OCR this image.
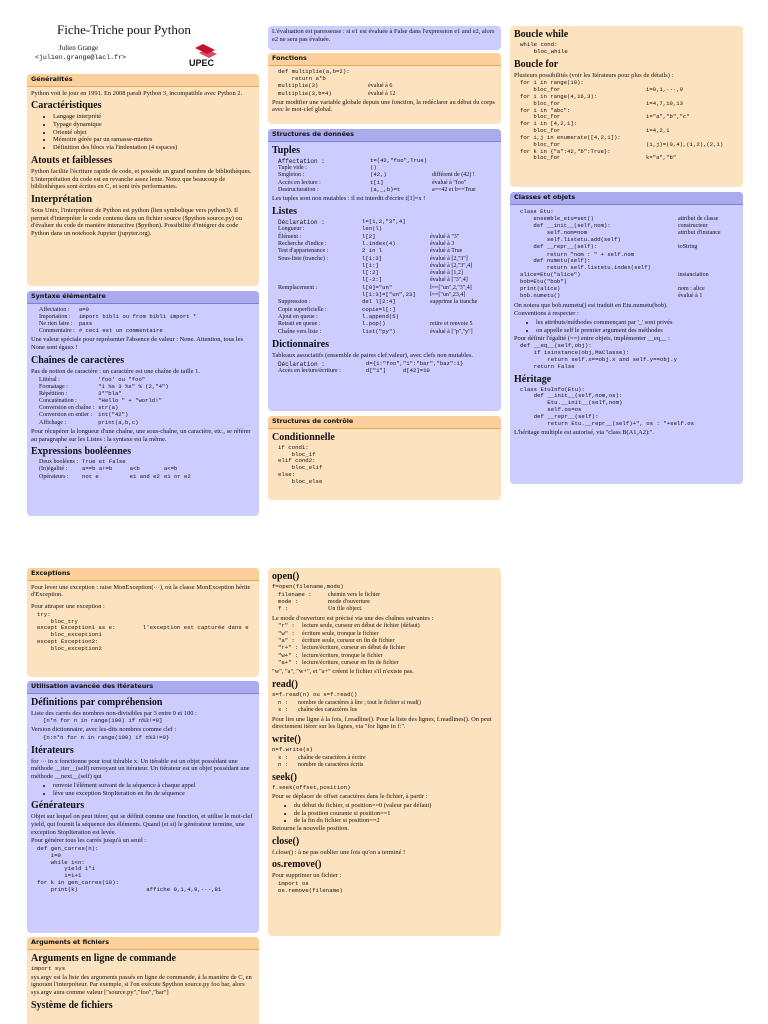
Fiche-Triche pour Python
Julien Grange
<julien.grange@lacl.fr>
UPEC
Généralités

Python voit le jour en 1991. En 2008 paraît Python 3, incompatible avec Python 2.

Caractéristiques
• Langage interprété
• Typage dynamique
• Orienté objet
• Mémoire gérée par un ramasse-miettes
• Définition des blocs via l'indentation (4 espaces)
Atouts et faiblesses

Python facilite l'écriture rapide de code, et possède un grand nombre de bibliothèques. L'interprétation du code est en revanche assez lente. Notez que beaucoup de bibliothèques sont écrites en C, et sont très performantes.

Interprétation

Sous Unix, l'interpréteur de Python est python (lien symbolique vers python3). Il permet d'interpréter le code contenu dans un fichier source ($python source.py) ou d'évaluer du code de manière interactive ($python). Possibilité d'intégrer du code Python dans un notebook Jupyter (jupyter.org).

Syntaxe élémentaire
Affectation :	a=0
Importation :	import bibli ou from bibli import *
Ne rien faire :	pass
Commentaire :	# ceci est un commentaire

Une valeur spéciale pour représenter l'absence de valeur : None. Attention, tous les None sont égaux !

Chaînes de caractères

Pas de notion de caractère : un caractère est une chaîne de taille 1.

Littéral :	'foo' ou "foo"
Formatage :	"1 %s 3 %s" % (2,"4")
Répétition :	3*"bla"
Concaténation :	"Hello " + "world!"
Conversion en chaîne :	str(a)
Conversion en entier :	int("42")
Affichage :	print(a,b,c)

Pour récupérer la longueur d'une chaîne, une sous-chaîne, un caractère, etc., se référer au paragraphe sur les Listes : la syntaxe est la même.

Expressions booléennes
Deux booléens :	True et False		
(In)égalité :	a==b a!=b	a<b	a<=b
Opérateurs :	not e	e1 and e2	e1 or e2

L'évaluation est paresseuse : si e1 est évaluée à False dans l'expression e1 and e2, alors e2 ne sera pas évaluée.

Fonctions
def multiplie(a,b=2):
return a*b
multiplie(3)	évalué à 6
multiplie(3,b=4)	évalué à 12

Pour modifier une variable globale depuis une fonction, la redéclarer au début du corps avec le mot-clef global.

Structures de données
Tuples
Affectation :	t=(42,"foo",True)
Tuple vide :	()
Singleton :	(42,)	différent de (42) !
Accès en lecture :	t[1]	évalué à "foo"
Destructuration :	(a,_,b)=t	a==42 et b==True

Les tuples sont non mutables : il est interdit d'écrire t[1]=x !

Listes
Déclaration :	l=[1,2,"3",4]
Longueur :	len(l)
Élément :	l[2]	évalué à "3"
Recherche d'indice :	l.index(4)	évalué à 3
Test d'appartenance :	2 in l	évalué à True
Sous-liste (tranche) :	l[1:3]	évalué à [2,"3"]
l[1:]	évalué à [2,"3",4]
l[:2]	évalué à [1,2]
l[-2:]	évalué à ["3",4]
Remplacement :	l[0]="un"	l==["un",2,"3",4]
l[1:3]=["un",23]	l==["un",23,4]
Suppression :	del l[2:4]	supprime la tranche
Copie superficielle :	copie=l[:]
Ajout en queue :	l.append(5)
Retrait en queue :	l.pop()	retire et renvoie 5
Chaîne vers liste :	list("py")	évalué à ["p","y"]
Dictionnaires

Tableaux associatifs (ensemble de paires clef:valeur), avec clefs non mutables.

Déclaration :	d={1:"foo","1":"bar","baz":1}
Accès en lecture/écriture :	d["1"]     d[42]=10
Structures de contrôle
Conditionnelle
if cond1:
bloc_if
elif cond2:
bloc_elif
else:
bloc_else
Boucle while
while cond:
bloc_while
Boucle for

Plusieurs possibilités (voir les Itérateurs pour plus de détails) :

for i in range(10):
bloc_for	i=0,1,···,9
for i in range(4,16,3):
bloc_for	i=4,7,10,13
for i in "abc":
bloc_for	i="a","b","c"
for i in [4,2,1]:
bloc_for	i=4,2,1
for i,j in enumerate([4,2,1]):
bloc_for	(i,j)=(0,4),(1,2),(2,1)
for k in {"a":42,"b":True}:
bloc_for	k="a","b"
Classes et objets
class Etu:
ensemble_etu=set()	attribut de classe
def __init__(self,nom):	constructeur
self.nom=nom	attribut d'instance
self.listetu.add(self)
def __repr__(self):	toString
return "nom : " + self.nom
def numetu(self):
return self.listetu.index(self)
alice=Etu("alice")	instanciation
bob=Etu("bob")
print(alice)	nom : alice
bob.numetu()	évalué à 1

On notera que bob.numetu() est traduit en Etu.numetu(bob).

Conventions à respecter :

• les attributs/méthodes commençant par '_' sont privés
• on appelle self le premier argument des méthodes

Pour définir l'égalité (==) entre objets, implémenter __eq__ :

def __eq__(self,obj):
if isinstance(obj,MaClasse):
return self.x==obj.x and self.y==obj.y
return False
Héritage
class EtuInfo(Etu):
def __init__(self,nom,os):
Etu.__init__(self,nom)
self.os=os
def __repr__(self):
return Etu.__repr__(self)+", os : "+self.os

L'héritage multiple est autorisé, via "class B(A1,A2):".

Exceptions

Pour lever une exception : raise MonException(···), où la classe MonException hérite d'Exception.

Pour attraper une exception :

try:
bloc_try
except Exception1 as e:        l'exception est capturée dans e
bloc_exception1
except Exception2:
bloc_exception2
Utilisation avancée des itérateurs
Définitions par compréhension

Liste des carrés des nombres non-divisibles par 3 entre 0 et 100 :

[n*n for n in range(100) if n%3!=0]

Version dictionnaire, avec les-dits nombres comme clef :

{n:n*n for n in range(100) if n%3!=0}
Itérateurs

for ··· in x fonctionne pour tout itérable x. Un itérable est un objet possédant une méthode __iter__(self) renvoyant un itérateur. Un itérateur est un objet possédant une méthode __next__(self) qui

• renvoie l'élément suivant de la séquence à chaque appel
• lève une exception StopIteration en fin de séquence
Générateurs

Objet sur lequel on peut itérer, qui se définit comme une fonction, et utilise le mot-clef yield, qui fournit la séquence des éléments. Quand (et si) le générateur termine, une exception StopIteration est levée.

Pour générer tous les carrés jusqu'à un seuil :

def gen_carres(n):
i=0
while i<n:
yield i*i
i=i+1
for k in gen_carres(10):
print(k)                    affiche 0,1,4,9,···,81
Arguments et fichiers
Arguments en ligne de commande
import sys

sys.argv est la liste des arguments passés en ligne de commande, à la manière de C, en ignorant l'interpréteur. Par exemple, si l'on exécute $python source.py foo bar, alors sys.argv aura comme valeur ["source.py","foo","bar"]

Système de fichiers
open()
f=open(filename,mode)
filename :	chemin vers le fichier
mode :	mode d'ouverture
f :	Un file object.

Le mode d'ouverture est précisé via une des chaînes suivantes :

"r" :	lecture seule, curseur en début de fichier (défaut)
"w" :	écriture seule, tronque le fichier
"a" :	écriture seule, curseur en fin de fichier
"r+" : lecture/écriture, curseur en début de fichier
"w+" : lecture/écriture, tronque le fichier
"a+" : lecture/écriture, curseur en fin de fichier

"w", "a", "w+", et "a+" créent le fichier s'il n'existe pas.

read()
s=f.read(n) ou s=f.read()
n :	nombre de caractères à lire ; tout le fichier si read()
s :	chaîne des caractères lus

Pour lire une ligne à la fois, f.readline(). Pour la liste des lignes, f.readlines(). On peut directement itérer sur les lignes, via "for ligne in f:".

write()
n=f.write(s)
s :	chaîne de caractères à écrire
n :	nombre de caractères écrits
seek()
f.seek(offset,position)

Pour se déplacer de offset caractères dans le fichier, à partir :

• du début du fichier, si position==0 (valeur par défaut)
• de la position courante si position==1
• de la fin du fichier si position==2

Retourne la nouvelle position.

close()

f.close() : à ne pas oublier une fois qu'on a terminé !

os.remove()

Pour supprimer un fichier :

import os
os.remove(filename)
